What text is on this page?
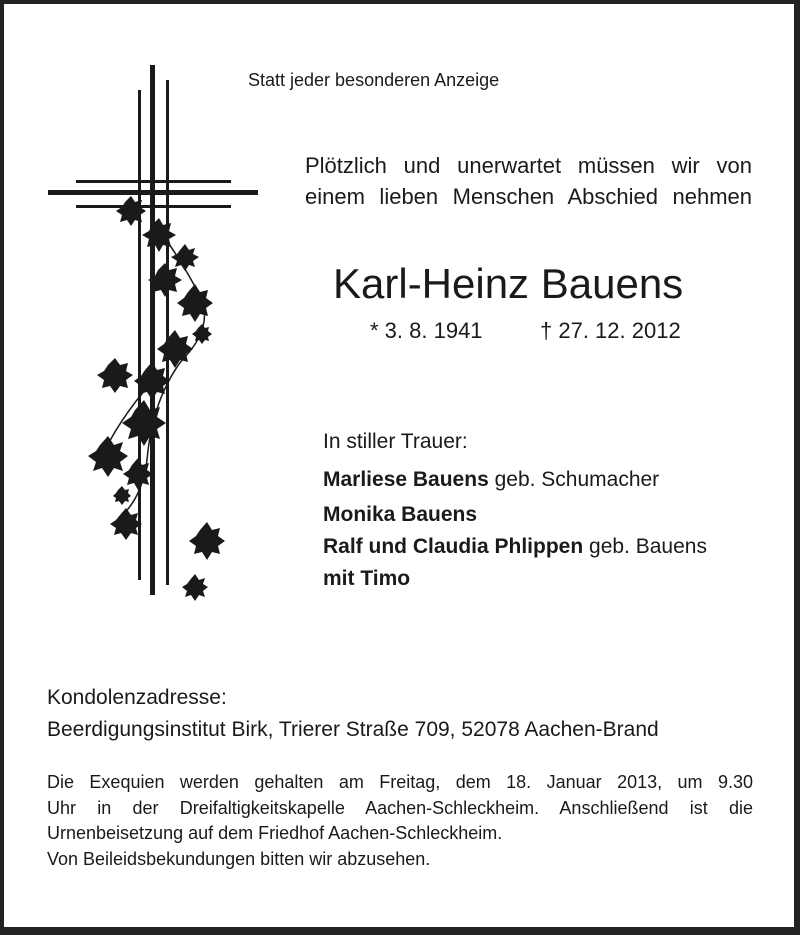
Statt jeder besonderen Anzeige
Plötzlich und unerwartet müssen wir von
einem lieben Menschen Abschied nehmen
Karl-Heinz Bauens
* 3. 8. 1941	† 27. 12. 2012
In stiller Trauer:
Marliese Bauens geb. Schumacher
Monika Bauens
Ralf und Claudia Phlippen geb. Bauens
mit Timo
Kondolenzadresse:
Beerdigungsinstitut Birk, Trierer Straße 709, 52078 Aachen-Brand
Die Exequien werden gehalten am Freitag, dem 18. Januar 2013, um 9.30
Uhr in der Dreifaltigkeitskapelle Aachen-Schleckheim. Anschließend ist die
Urnenbeisetzung auf dem Friedhof Aachen-Schleckheim.
Von Beileidsbekundungen bitten wir abzusehen.
